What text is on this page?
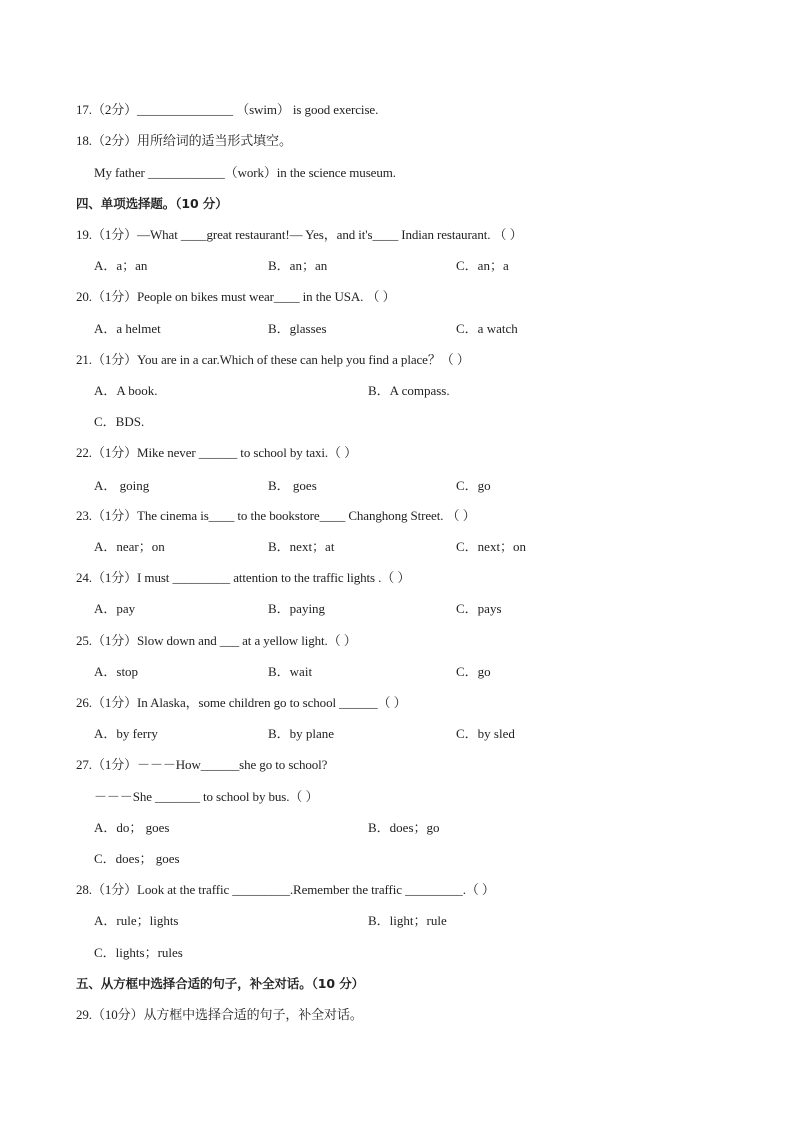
17.（2分）_______________ （swim） is good exercise.
18.（2分）用所给词的适当形式填空。
My father ____________（work）in the science museum.
四、单项选择题。（10 分）
19.（1分）—What ____great restaurant!— Yes，and it's____ Indian restaurant. （ ）
A．a；an	B．an；an	C．an；a
20.（1分）People on bikes must wear____ in the USA. （ ）
A．a helmet	B．glasses	C．a watch
21.（1分）You are in a car.Which of these can help you find a place？（ ）
A．A book.	B．A compass.
C．BDS.
22.（1分）Mike never ______ to school by taxi.（ ）
A． going	B． goes	C．go
23.（1分）The cinema is____ to the bookstore____ Changhong Street. （ ）
A．near；on	B．next；at	C．next；on
24.（1分）I must _________ attention to the traffic lights .（ ）
A．pay	B．paying	C．pays
25.（1分）Slow down and ___ at a yellow light.（ ）
A．stop	B．wait	C．go
26.（1分）In Alaska，some children go to school ______（ ）
A．by ferry	B．by plane	C．by sled
27.（1分）－－－How______she go to school?
－－－She _______ to school by bus.（ ）
A．do； goes	B．does；go
C．does； goes
28.（1分）Look at the traffic _________.Remember the traffic _________.（ ）
A．rule；lights	B．light；rule
C．lights；rules
五、从方框中选择合适的句子，补全对话。（10 分）
29.（10分）从方框中选择合适的句子，补全对话。
